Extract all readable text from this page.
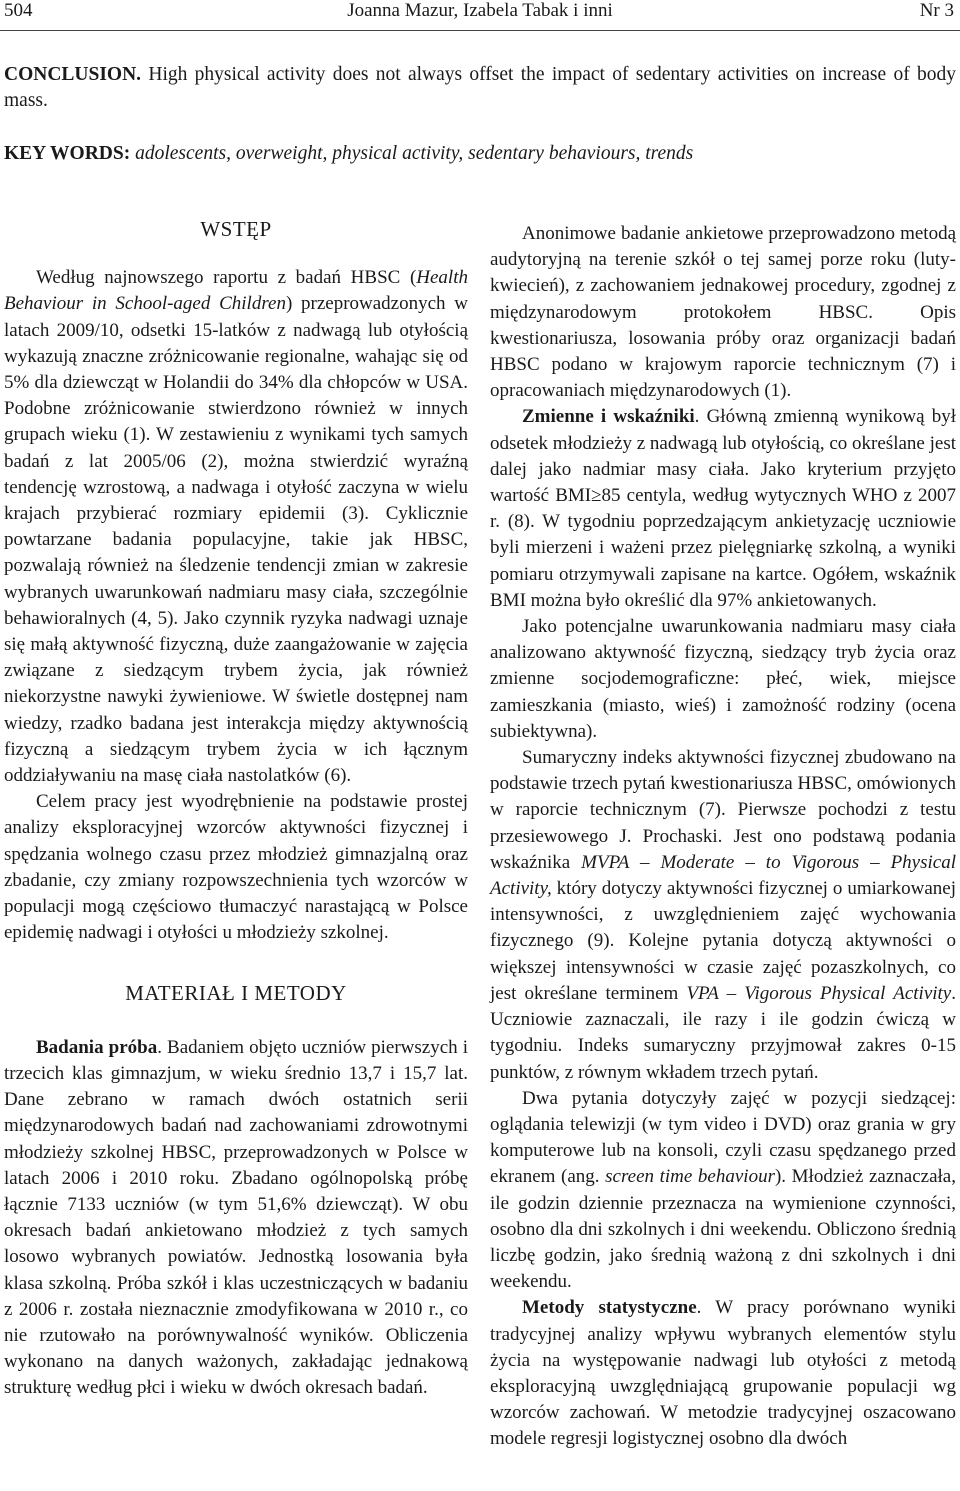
504	Joanna Mazur, Izabela Tabak i inni	Nr 3
CONCLUSION. High physical activity does not always offset the impact of sedentary activities on increase of body mass.
KEY WORDS: adolescents, overweight, physical activity, sedentary behaviours, trends

WSTĘP

Według najnowszego raportu z badań HBSC (Health Behaviour in School-aged Children) przeprowadzonych w latach 2009/10, odsetki 15-latków z nadwagą lub otyłością wykazują znaczne zróżnicowanie regionalne, wahając się od 5% dla dziewcząt w Holandii do 34% dla chłopców w USA. Podobne zróżnicowanie stwierdzono również w innych grupach wieku (1). W zestawieniu z wynikami tych samych badań z lat 2005/06 (2), można stwierdzić wyraźną tendencję wzrostową, a nadwaga i otyłość zaczyna w wielu krajach przybierać rozmiary epidemii (3). Cyklicznie powtarzane badania populacyjne, takie jak HBSC, pozwalają również na śledzenie tendencji zmian w zakresie wybranych uwarunkowań nadmiaru masy ciała, szczególnie behawioralnych (4, 5). Jako czynnik ryzyka nadwagi uznaje się małą aktywność fizyczną, duże zaangażowanie w zajęcia związane z siedzącym trybem życia, jak również niekorzystne nawyki żywieniowe. W świetle dostępnej nam wiedzy, rzadko badana jest interakcja między aktywnością fizyczną a siedzącym trybem życia w ich łącznym oddziaływaniu na masę ciała nastolatków (6).

Celem pracy jest wyodrębnienie na podstawie prostej analizy eksploracyjnej wzorców aktywności fizycznej i spędzania wolnego czasu przez młodzież gimnazjalną oraz zbadanie, czy zmiany rozpowszechnienia tych wzorców w populacji mogą częściowo tłumaczyć narastającą w Polsce epidemię nadwagi i otyłości u młodzieży szkolnej.

MATERIAŁ I METODY

Badania próba. Badaniem objęto uczniów pierwszych i trzecich klas gimnazjum, w wieku średnio 13,7 i 15,7 lat. Dane zebrano w ramach dwóch ostatnich serii międzynarodowych badań nad zachowaniami zdrowotnymi młodzieży szkolnej HBSC, przeprowadzonych w Polsce w latach 2006 i 2010 roku. Zbadano ogólnopolską próbę łącznie 7133 uczniów (w tym 51,6% dziewcząt). W obu okresach badań ankietowano młodzież z tych samych losowo wybranych powiatów. Jednostką losowania była klasa szkolną. Próba szkół i klas uczestniczących w badaniu z 2006 r. została nieznacznie zmodyfikowana w 2010 r., co nie rzutowało na porównywalność wyników. Obliczenia wykonano na danych ważonych, zakładając jednakową strukturę według płci i wieku w dwóch okresach badań.

Anonimowe badanie ankietowe przeprowadzono metodą audytoryjną na terenie szkół o tej samej porze roku (luty-kwiecień), z zachowaniem jednakowej procedury, zgodnej z międzynarodowym protokołem HBSC. Opis kwestionariusza, losowania próby oraz organizacji badań HBSC podano w krajowym raporcie technicznym (7) i opracowaniach międzynarodowych (1).

Zmienne i wskaźniki. Główną zmienną wynikową był odsetek młodzieży z nadwagą lub otyłością, co określane jest dalej jako nadmiar masy ciała. Jako kryterium przyjęto wartość BMI≥85 centyla, według wytycznych WHO z 2007 r. (8). W tygodniu poprzedzającym ankietyzację uczniowie byli mierzeni i ważeni przez pielęgniarkę szkolną, a wyniki pomiaru otrzymywali zapisane na kartce. Ogółem, wskaźnik BMI można było określić dla 97% ankietowanych.

Jako potencjalne uwarunkowania nadmiaru masy ciała analizowano aktywność fizyczną, siedzący tryb życia oraz zmienne socjodemograficzne: płeć, wiek, miejsce zamieszkania (miasto, wieś) i zamożność rodziny (ocena subiektywna).

Sumaryczny indeks aktywności fizycznej zbudowano na podstawie trzech pytań kwestionariusza HBSC, omówionych w raporcie technicznym (7). Pierwsze pochodzi z testu przesiewowego J. Prochaski. Jest ono podstawą podania wskaźnika MVPA – Moderate – to Vigorous – Physical Activity, który dotyczy aktywności fizycznej o umiarkowanej intensywności, z uwzględnieniem zajęć wychowania fizycznego (9). Kolejne pytania dotyczą aktywności o większej intensywności w czasie zajęć pozaszkolnych, co jest określane terminem VPA – Vigorous Physical Activity. Uczniowie zaznaczali, ile razy i ile godzin ćwiczą w tygodniu. Indeks sumaryczny przyjmował zakres 0-15 punktów, z równym wkładem trzech pytań.

Dwa pytania dotyczyły zajęć w pozycji siedzącej: oglądania telewizji (w tym video i DVD) oraz grania w gry komputerowe lub na konsoli, czyli czasu spędzanego przed ekranem (ang. screen time behaviour). Młodzież zaznaczała, ile godzin dziennie przeznacza na wymienione czynności, osobno dla dni szkolnych i dni weekendu. Obliczono średnią liczbę godzin, jako średnią ważoną z dni szkolnych i dni weekendu.

Metody statystyczne. W pracy porównano wyniki tradycyjnej analizy wpływu wybranych elementów stylu życia na występowanie nadwagi lub otyłości z metodą eksploracyjną uwzględniającą grupowanie populacji wg wzorców zachowań. W metodzie tradycyjnej oszacowano modele regresji logistycznej osobno dla dwóch
